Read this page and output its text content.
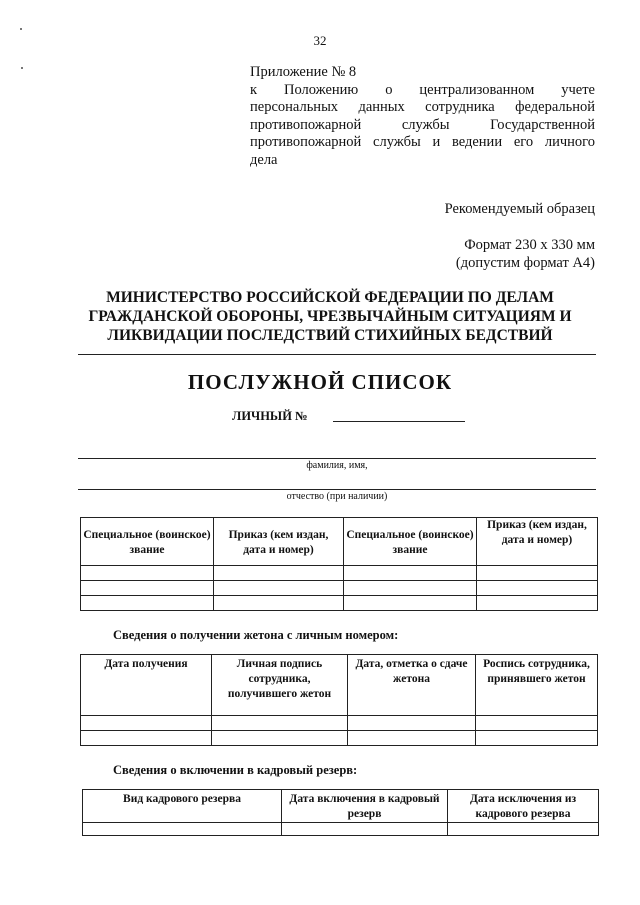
32
Приложение № 8
к Положению о централизованном учете
персональных данных сотрудника федеральной
противопожарной службы Государственной
противопожарной службы и ведении его личного
дела
Рекомендуемый образец
Формат 230 х 330 мм
(допустим формат А4)
МИНИСТЕРСТВО РОССИЙСКОЙ ФЕДЕРАЦИИ ПО ДЕЛАМ
ГРАЖДАНСКОЙ ОБОРОНЫ, ЧРЕЗВЫЧАЙНЫМ СИТУАЦИЯМ И
ЛИКВИДАЦИИ ПОСЛЕДСТВИЙ СТИХИЙНЫХ БЕДСТВИЙ
ПОСЛУЖНОЙ СПИСОК
ЛИЧНЫЙ №
фамилия, имя,
отчество (при наличии)
Специальное (воинское) звание	Приказ (кем издан, дата и номер)	Специальное (воинское) звание	Приказ (кем издан, дата и номер)

Сведения о получении жетона с личным номером:
Дата получения	Личная подпись сотрудника, получившего жетон	Дата, отметка о сдаче жетона	Роспись сотрудника, принявшего жетон

Сведения о включении в кадровый резерв:
Вид кадрового резерва	Дата включения в кадровый резерв	Дата исключения из кадрового резерва
